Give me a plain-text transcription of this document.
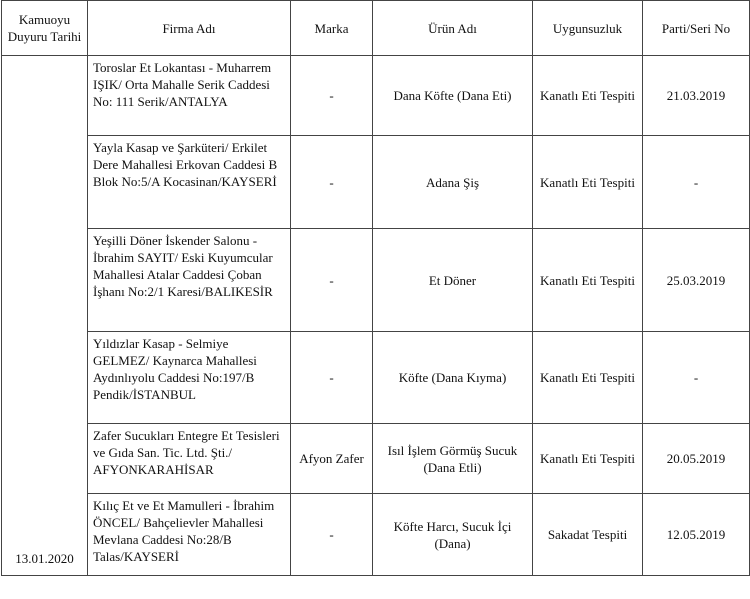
Kamuoyu Duyuru Tarihi	Firma Adı	Marka	Ürün Adı	Uygunsuzluk	Parti/Seri No
13.01.2020	Toroslar Et Lokantası - Muharrem IŞIK/ Orta Mahalle Serik Caddesi No: 111 Serik/ANTALYA	-	Dana Köfte (Dana Eti)	Kanatlı Eti Tespiti	21.03.2019
	Yayla Kasap ve Şarküteri/ Erkilet Dere Mahallesi Erkovan Caddesi B Blok No:5/A Kocasinan/KAYSERİ	-	Adana Şiş	Kanatlı Eti Tespiti	-
	Yeşilli Döner İskender Salonu - İbrahim SAYIT/ Eski Kuyumcular Mahallesi Atalar Caddesi Çoban İşhanı No:2/1 Karesi/BALIKESİR	-	Et Döner	Kanatlı Eti Tespiti	25.03.2019
	Yıldızlar Kasap - Selmiye GELMEZ/ Kaynarca Mahallesi Aydınlıyolu Caddesi No:197/B Pendik/İSTANBUL	-	Köfte (Dana Kıyma)	Kanatlı Eti Tespiti	-
	Zafer Sucukları Entegre Et Tesisleri ve Gıda San. Tic. Ltd. Şti./ AFYONKARAHİSAR	Afyon Zafer	Isıl İşlem Görmüş Sucuk (Dana Etli)	Kanatlı Eti Tespiti	20.05.2019
	Kılıç Et ve Et Mamulleri - İbrahim ÖNCEL/ Bahçelievler Mahallesi Mevlana Caddesi No:28/B Talas/KAYSERİ	-	Köfte Harcı, Sucuk İçi (Dana)	Sakadat Tespiti	12.05.2019
